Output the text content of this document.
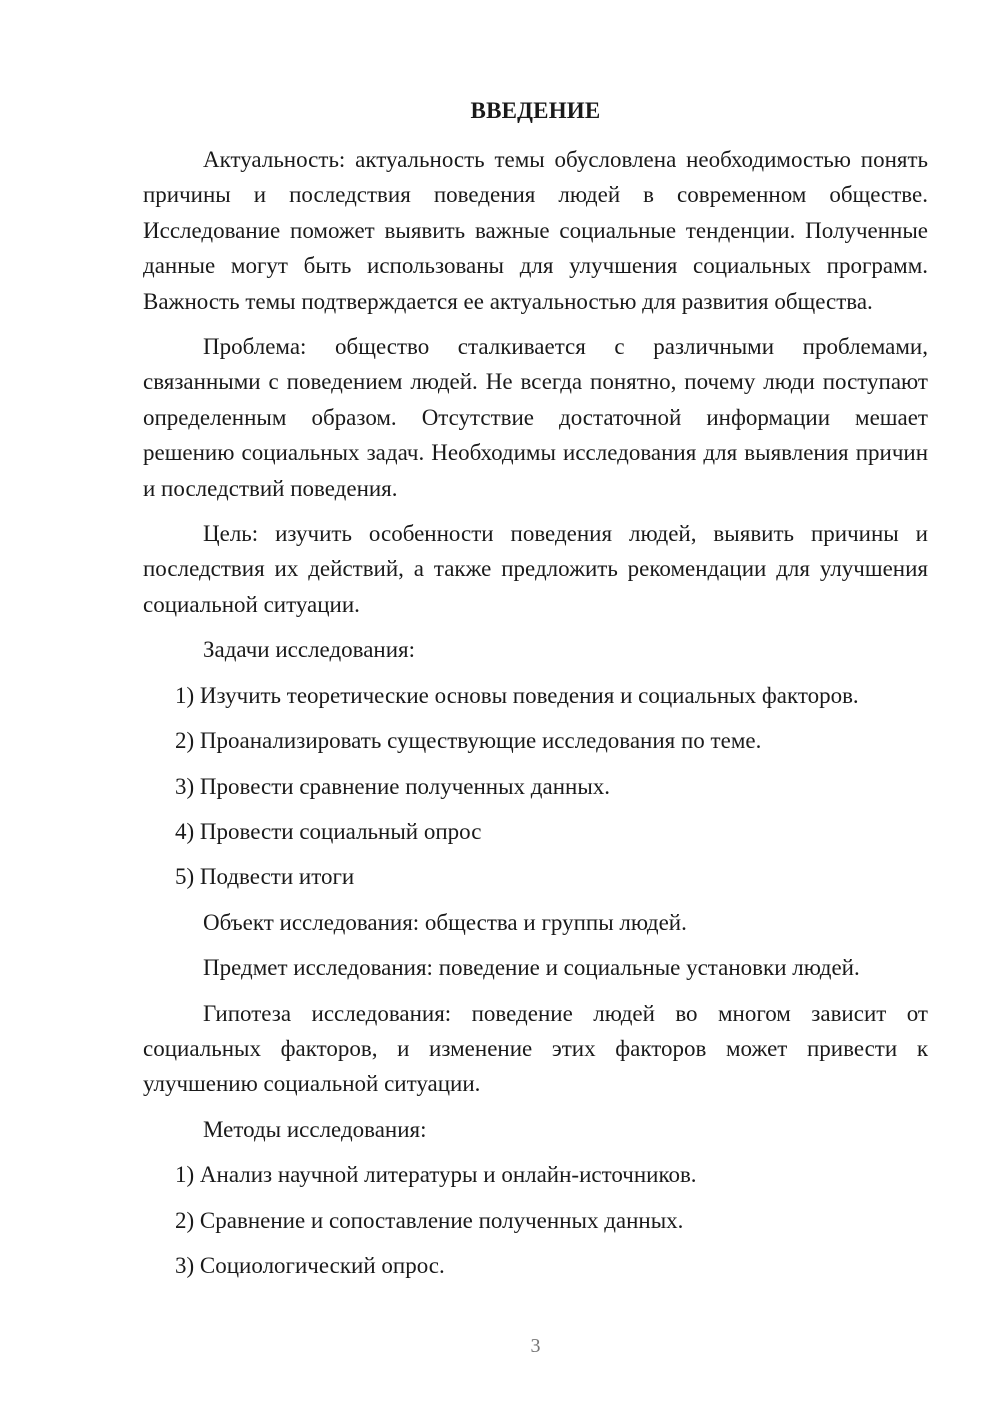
ВВЕДЕНИЕ

Актуальность: актуальность темы обусловлена необходимостью понять причины и последствия поведения людей в современном обществе. Исследование поможет выявить важные социальные тенденции. Полученные данные могут быть использованы для улучшения социальных программ. Важность темы подтверждается ее актуальностью для развития общества.

Проблема: общество сталкивается с различными проблемами, связанными с поведением людей. Не всегда понятно, почему люди поступают определенным образом. Отсутствие достаточной информации мешает решению социальных задач. Необходимы исследования для выявления причин и последствий поведения.

Цель: изучить особенности поведения людей, выявить причины и последствия их действий, а также предложить рекомендации для улучшения социальной ситуации.

Задачи исследования:

1) Изучить теоретические основы поведения и социальных факторов.

2) Проанализировать существующие исследования по теме.

3) Провести сравнение полученных данных.

4) Провести социальный опрос

5) Подвести итоги

Объект исследования: общества и группы людей.

Предмет исследования: поведение и социальные установки людей.

Гипотеза исследования: поведение людей во многом зависит от социальных факторов, и изменение этих факторов может привести к улучшению социальной ситуации.

Методы исследования:

1) Анализ научной литературы и онлайн-источников.

2) Сравнение и сопоставление полученных данных.

3) Социологический опрос.

3
